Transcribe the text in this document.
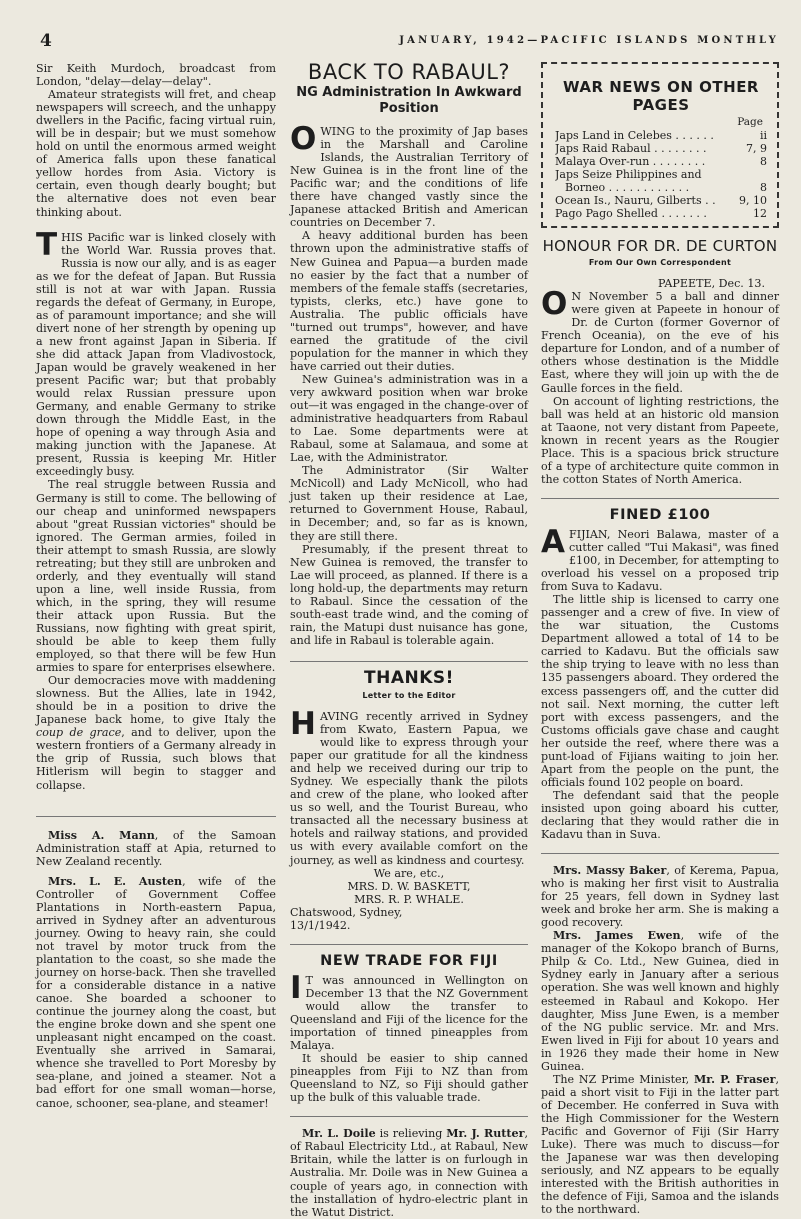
4	JANUARY, 1942—PACIFIC ISLANDS MONTHLY

Sir Keith Murdoch, broadcast from London, "delay—delay—delay".

Amateur strategists will fret, and cheap newspapers will screech, and the unhappy dwellers in the Pacific, facing virtual ruin, will be in despair; but we must somehow hold on until the enormous armed weight of America falls upon these fanatical yellow hordes from Asia. Victory is certain, even though dearly bought; but the alternative does not even bear thinking about.

THIS Pacific war is linked closely with the World War. Russia proves that. Russia is now our ally, and is as eager as we for the defeat of Japan. But Russia still is not at war with Japan. Russia regards the defeat of Germany, in Europe, as of paramount importance; and she will divert none of her strength by opening up a new front against Japan in Siberia. If she did attack Japan from Vladivostock, Japan would be gravely weakened in her present Pacific war; but that probably would relax Russian pressure upon Germany, and enable Germany to strike down through the Middle East, in the hope of opening a way through Asia and making junction with the Japanese. At present, Russia is keeping Mr. Hitler exceedingly busy.

The real struggle between Russia and Germany is still to come. The bellowing of our cheap and uninformed newspapers about "great Russian victories" should be ignored. The German armies, foiled in their attempt to smash Russia, are slowly retreating; but they still are unbroken and orderly, and they eventually will stand upon a line, well inside Russia, from which, in the spring, they will resume their attack upon Russia. But the Russians, now fighting with great spirit, should be able to keep them fully employed, so that there will be few Hun armies to spare for enterprises elsewhere.

Our democracies move with maddening slowness. But the Allies, late in 1942, should be in a position to drive the Japanese back home, to give Italy the coup de grace, and to deliver, upon the western frontiers of a Germany already in the grip of Russia, such blows that Hitlerism will begin to stagger and collapse.

Miss A. Mann, of the Samoan Administration staff at Apia, returned to New Zealand recently.

Mrs. L. E. Austen, wife of the Controller of Government Coffee Plantations in North-eastern Papua, arrived in Sydney after an adventurous journey. Owing to heavy rain, she could not travel by motor truck from the plantation to the coast, so she made the journey on horse-back. Then she travelled for a considerable distance in a native canoe. She boarded a schooner to continue the journey along the coast, but the engine broke down and she spent one unpleasant night encamped on the coast. Eventually she arrived in Samarai, whence she travelled to Port Moresby by sea-plane, and joined a steamer. Not a bad effort for one small woman—horse, canoe, schooner, sea-plane, and steamer!

BACK TO RABAUL?
NG Administration In Awkward Position

OWING to the proximity of Jap bases in the Marshall and Caroline Islands, the Australian Territory of New Guinea is in the front line of the Pacific war; and the conditions of life there have changed vastly since the Japanese attacked British and American countries on December 7.

A heavy additional burden has been thrown upon the administrative staffs of New Guinea and Papua—a burden made no easier by the fact that a number of members of the female staffs (secretaries, typists, clerks, etc.) have gone to Australia. The public officials have "turned out trumps", however, and have earned the gratitude of the civil population for the manner in which they have carried out their duties.

New Guinea's administration was in a very awkward position when war broke out—it was engaged in the change-over of administrative headquarters from Rabaul to Lae. Some departments were at Rabaul, some at Salamaua, and some at Lae, with the Administrator.

The Administrator (Sir Walter McNicoll) and Lady McNicoll, who had just taken up their residence at Lae, returned to Government House, Rabaul, in December; and, so far as is known, they are still there.

Presumably, if the present threat to New Guinea is removed, the transfer to Lae will proceed, as planned. If there is a long hold-up, the departments may return to Rabaul. Since the cessation of the south-east trade wind, and the coming of rain, the Matupi dust nuisance has gone, and life in Rabaul is tolerable again.

THANKS!
Letter to the Editor

HAVING recently arrived in Sydney from Kwato, Eastern Papua, we would like to express through your paper our gratitude for all the kindness and help we received during our trip to Sydney. We especially thank the pilots and crew of the plane, who looked after us so well, and the Tourist Bureau, who transacted all the necessary business at hotels and railway stations, and provided us with every available comfort on the journey, as well as kindness and courtesy.

We are, etc.,

MRS. D. W. BASKETT,

MRS. R. P. WHALE.

Chatswood, Sydney,

13/1/1942.

NEW TRADE FOR FIJI

I T was announced in Wellington on December 13 that the NZ Government would allow the transfer to Queensland and Fiji of the licence for the importation of tinned pineapples from Malaya.

It should be easier to ship canned pineapples from Fiji to NZ than from Queensland to NZ, so Fiji should gather up the bulk of this valuable trade.

Mr. L. Doile is relieving Mr. J. Rutter, of Rabaul Electricity Ltd., at Rabaul, New Britain, while the latter is on furlough in Australia. Mr. Doile was in New Guinea a couple of years ago, in connection with the installation of hydro-electric plant in the Watut District.

WAR NEWS ON OTHER PAGES
Page
Japs Land in Celebes . . . . . .	ii
Japs Raid Rabaul . . . . . . . .	7, 9
Malaya Over-run . . . . . . . .	8
Japs Seize Philippines and
Borneo . . . . . . . . . . . .	8
Ocean Is., Nauru, Gilberts . .	9, 10
Pago Pago Shelled . . . . . . .	12
HONOUR FOR DR. DE CURTON
From Our Own Correspondent

PAPEETE, Dec. 13.

O N November 5 a ball and dinner were given at Papeete in honour of Dr. de Curton (former Governor of French Oceania), on the eve of his departure for London, and of a number of others whose destination is the Middle East, where they will join up with the de Gaulle forces in the field.

On account of lighting restrictions, the ball was held at an historic old mansion at Taaone, not very distant from Papeete, known in recent years as the Rougier Place. This is a spacious brick structure of a type of architecture quite common in the cotton States of North America.

FINED £100

AFIJIAN, Neori Balawa, master of a cutter called "Tui Makasi", was fined £100, in December, for attempting to overload his vessel on a proposed trip from Suva to Kadavu.

The little ship is licensed to carry one passenger and a crew of five. In view of the war situation, the Customs Department allowed a total of 14 to be carried to Kadavu. But the officials saw the ship trying to leave with no less than 135 passengers aboard. They ordered the excess passengers off, and the cutter did not sail. Next morning, the cutter left port with excess passengers, and the Customs officials gave chase and caught her outside the reef, where there was a punt-load of Fijians waiting to join her. Apart from the people on the punt, the officials found 102 people on board.

The defendant said that the people insisted upon going aboard his cutter, declaring that they would rather die in Kadavu than in Suva.

Mrs. Massy Baker, of Kerema, Papua, who is making her first visit to Australia for 25 years, fell down in Sydney last week and broke her arm. She is making a good recovery.

Mrs. James Ewen, wife of the manager of the Kokopo branch of Burns, Philp & Co. Ltd., New Guinea, died in Sydney early in January after a serious operation. She was well known and highly esteemed in Rabaul and Kokopo. Her daughter, Miss June Ewen, is a member of the NG public service. Mr. and Mrs. Ewen lived in Fiji for about 10 years and in 1926 they made their home in New Guinea.

The NZ Prime Minister, Mr. P. Fraser, paid a short visit to Fiji in the latter part of December. He conferred in Suva with the High Commissioner for the Western Pacific and Governor of Fiji (Sir Harry Luke). There was much to discuss—for the Japanese war was then developing seriously, and NZ appears to be equally interested with the British authorities in the defence of Fiji, Samoa and the islands to the northward.
